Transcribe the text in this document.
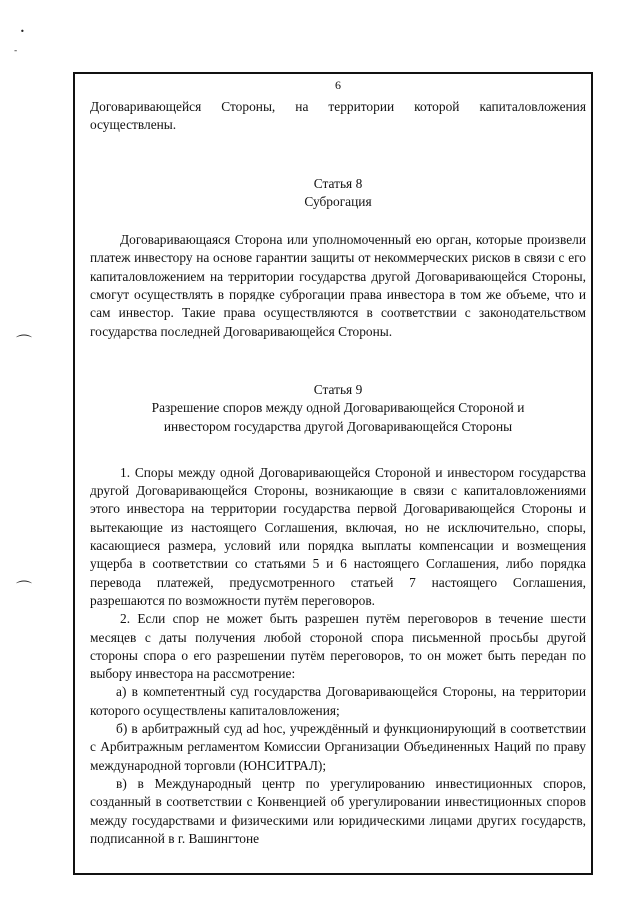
•
-
⌒
⌒
6

Договаривающейся Стороны, на территории которой капиталовложения осуществлены.

Статья 8

Суброгация

Договаривающаяся Сторона или уполномоченный ею орган, которые произвели платеж инвестору на основе гарантии защиты от некоммерческих рисков в связи с его капиталовложением на территории государства другой Договаривающейся Стороны, смогут осуществлять в порядке суброгации права инвестора в том же объеме, что и сам инвестор. Такие права осуществляются в соответствии с законодательством государства последней Договаривающейся Стороны.

Статья 9

Разрешение споров между одной Договаривающейся Стороной и

инвестором государства другой Договаривающейся Стороны

1. Споры между одной Договаривающейся Стороной и инвестором государства другой Договаривающейся Стороны, возникающие в связи с капиталовложениями этого инвестора на территории государства первой Договаривающейся Стороны и вытекающие из настоящего Соглашения, включая, но не исключительно, споры, касающиеся размера, условий или порядка выплаты компенсации и возмещения ущерба в соответствии со статьями 5 и 6 настоящего Соглашения, либо порядка перевода платежей, предусмотренного статьей 7 настоящего Соглашения, разрешаются по возможности путём переговоров.

2. Если спор не может быть разрешен путём переговоров в течение шести месяцев с даты получения любой стороной спора письменной просьбы другой стороны спора о его разрешении путём переговоров, то он может быть передан по выбору инвестора на рассмотрение:

а) в компетентный суд государства Договаривающейся Стороны, на территории которого осуществлены капиталовложения;

б) в арбитражный суд ad hoc, учреждённый и функционирующий в соответствии с Арбитражным регламентом Комиссии Организации Объединенных Наций по праву международной торговли (ЮНСИТРАЛ);

в) в Международный центр по урегулированию инвестиционных споров, созданный в соответствии с Конвенцией об урегулировании инвестиционных споров между государствами и физическими или юридическими лицами других государств, подписанной в г. Вашингтоне
